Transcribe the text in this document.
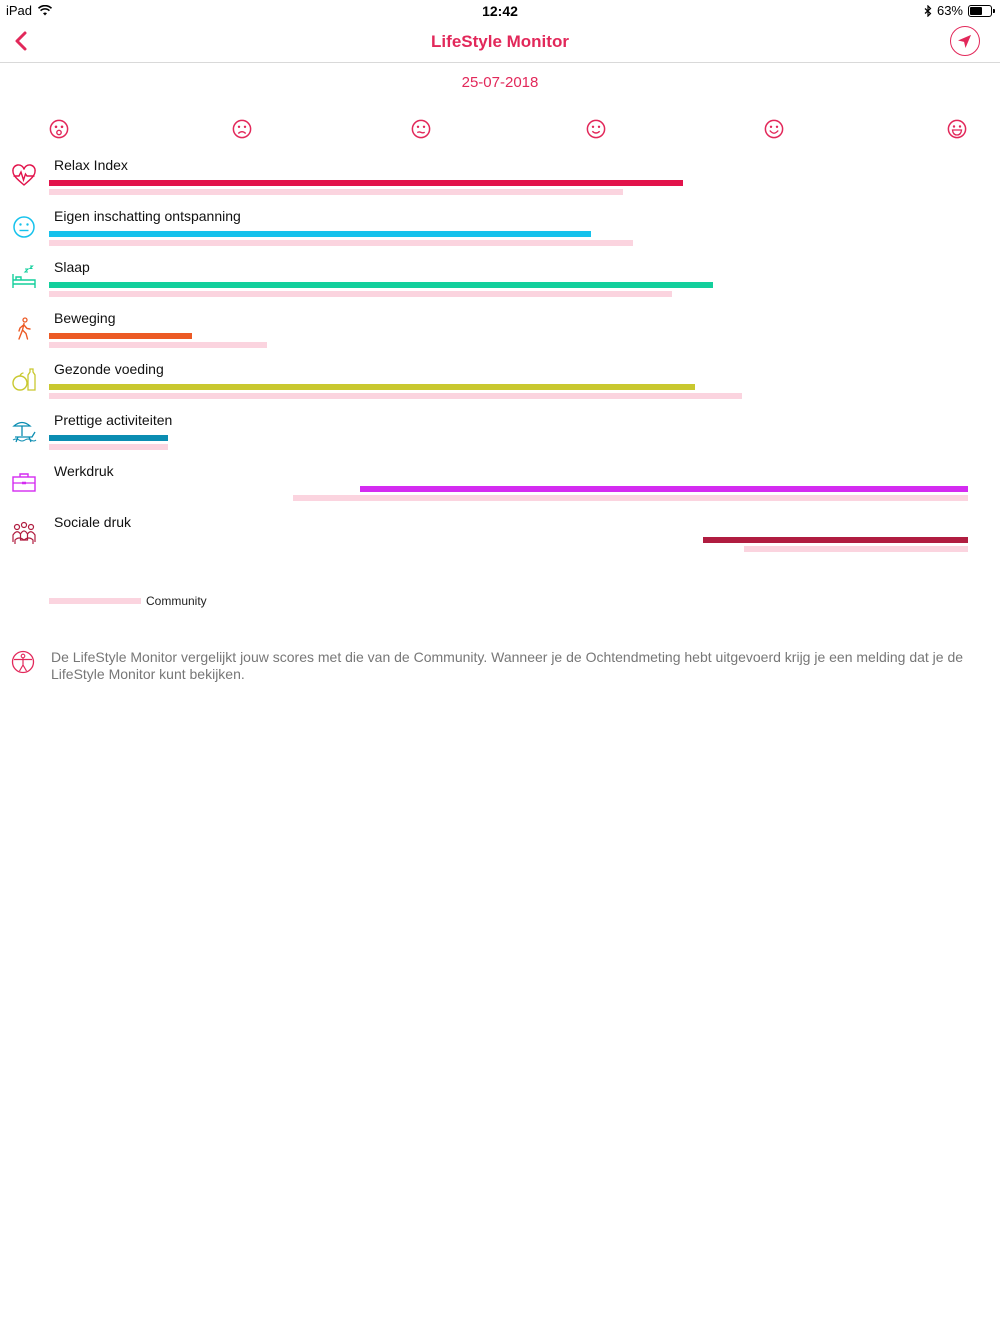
iPad	12:42	63%
LifeStyle Monitor
25-07-2018
Relax Index
Eigen inschatting ontspanning
Slaap
Beweging
Gezonde voeding
Prettige activiteiten
Werkdruk
Sociale druk
Community
De LifeStyle Monitor vergelijkt jouw scores met die van de Community. Wanneer je de Ochtendmeting hebt uitgevoerd krijg je een melding dat je de LifeStyle Monitor kunt bekijken.
